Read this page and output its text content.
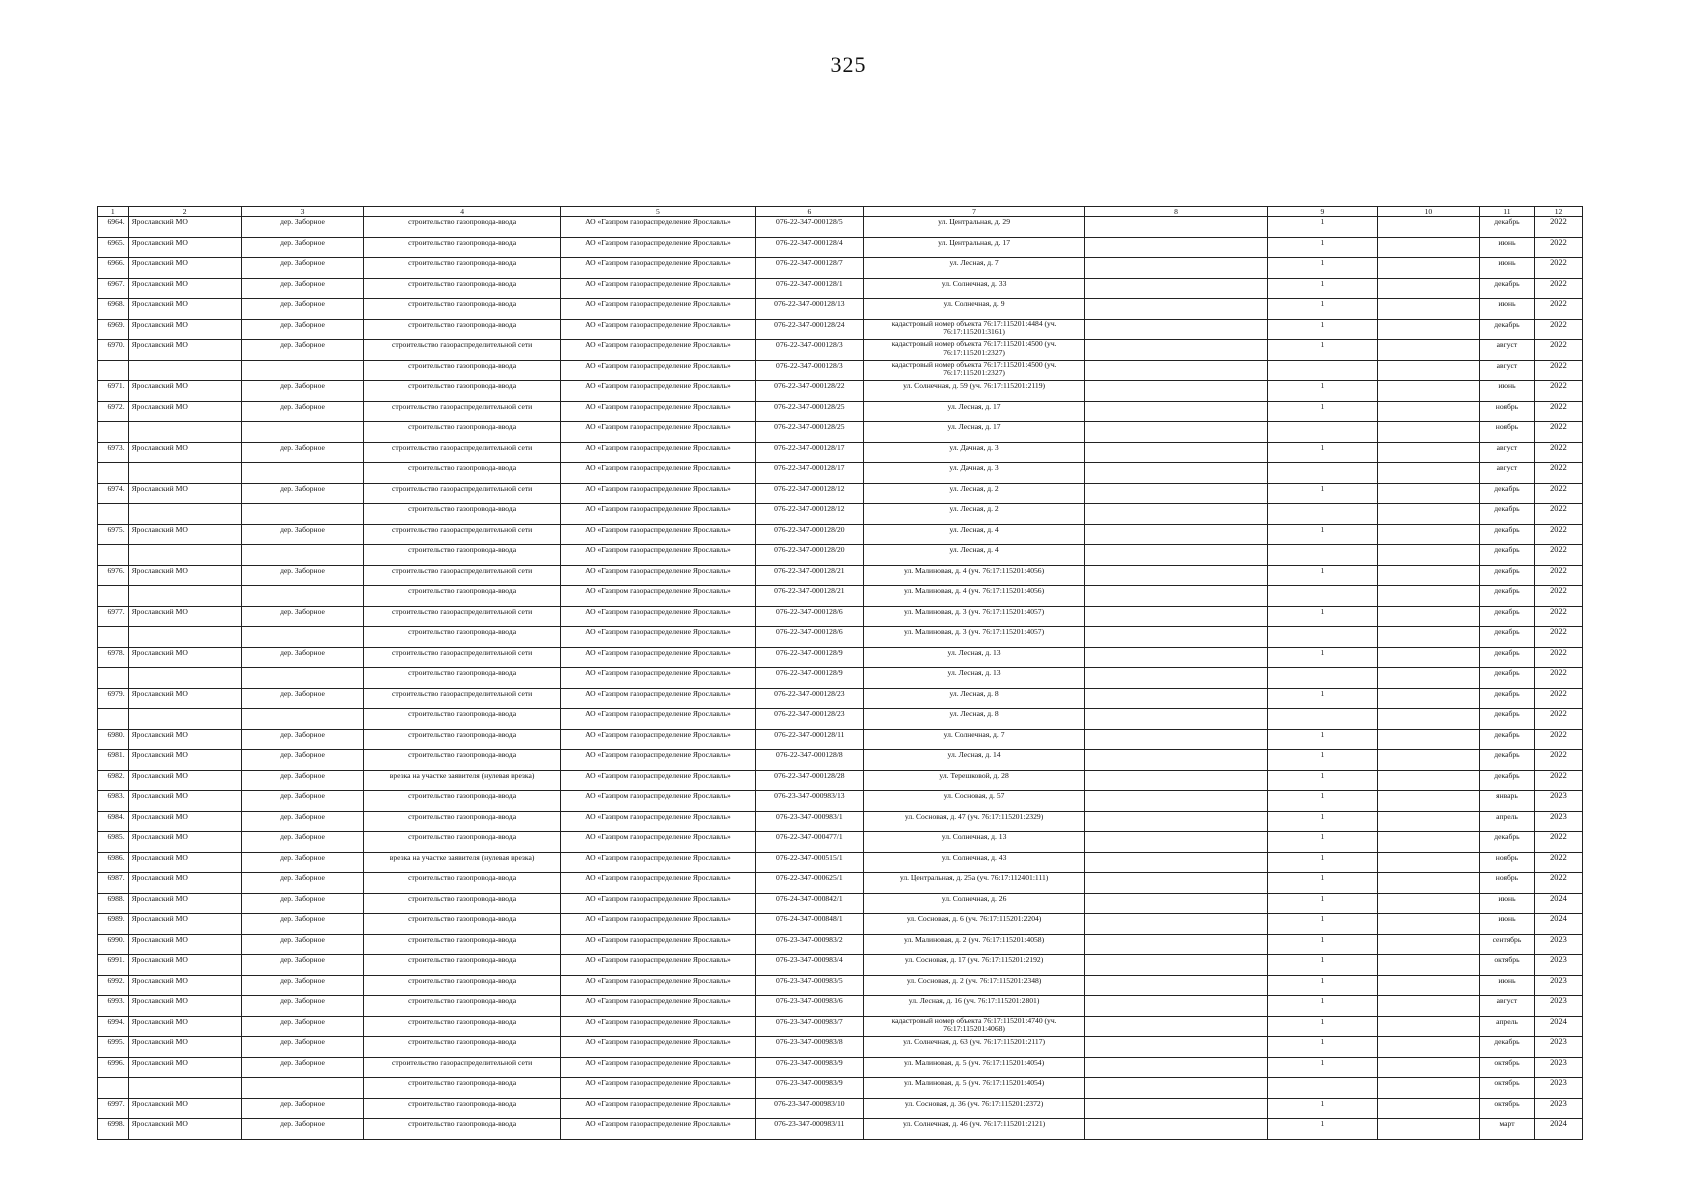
325
1	2	3	4	5	6	7	8	9	10	11	12
6964.	Ярославский МО	дер. Заборное	строительство газопровода-ввода	АО «Газпром газораспределение Ярославль»	076-22-347-000128/5	ул. Центральная, д. 29		1		декабрь	2022
6965.	Ярославский МО	дер. Заборное	строительство газопровода-ввода	АО «Газпром газораспределение Ярославль»	076-22-347-000128/4	ул. Центральная, д. 17		1		июнь	2022
6966.	Ярославский МО	дер. Заборное	строительство газопровода-ввода	АО «Газпром газораспределение Ярославль»	076-22-347-000128/7	ул. Лесная, д. 7		1		июнь	2022
6967.	Ярославский МО	дер. Заборное	строительство газопровода-ввода	АО «Газпром газораспределение Ярославль»	076-22-347-000128/1	ул. Солнечная, д. 33		1		декабрь	2022
6968.	Ярославский МО	дер. Заборное	строительство газопровода-ввода	АО «Газпром газораспределение Ярославль»	076-22-347-000128/13	ул. Солнечная, д. 9		1		июнь	2022
6969.	Ярославский МО	дер. Заборное	строительство газопровода-ввода	АО «Газпром газораспределение Ярославль»	076-22-347-000128/24	кадастровый номер объекта 76:17:115201:4484 (уч. 76:17:115201:3161)		1		декабрь	2022
6970.	Ярославский МО	дер. Заборное	строительство газораспределительной сети	АО «Газпром газораспределение Ярославль»	076-22-347-000128/3	кадастровый номер объекта 76:17:115201:4500 (уч. 76:17:115201:2327)		1		август	2022
			строительство газопровода-ввода	АО «Газпром газораспределение Ярославль»	076-22-347-000128/3	кадастровый номер объекта 76:17:115201:4500 (уч. 76:17:115201:2327)				август	2022
6971.	Ярославский МО	дер. Заборное	строительство газопровода-ввода	АО «Газпром газораспределение Ярославль»	076-22-347-000128/22	ул. Солнечная, д. 59 (уч. 76:17:115201:2119)		1		июнь	2022
6972.	Ярославский МО	дер. Заборное	строительство газораспределительной сети	АО «Газпром газораспределение Ярославль»	076-22-347-000128/25	ул. Лесная, д. 17		1		ноябрь	2022
			строительство газопровода-ввода	АО «Газпром газораспределение Ярославль»	076-22-347-000128/25	ул. Лесная, д. 17				ноябрь	2022
6973.	Ярославский МО	дер. Заборное	строительство газораспределительной сети	АО «Газпром газораспределение Ярославль»	076-22-347-000128/17	ул. Дачная, д. 3		1		август	2022
			строительство газопровода-ввода	АО «Газпром газораспределение Ярославль»	076-22-347-000128/17	ул. Дачная, д. 3				август	2022
6974.	Ярославский МО	дер. Заборное	строительство газораспределительной сети	АО «Газпром газораспределение Ярославль»	076-22-347-000128/12	ул. Лесная, д. 2		1		декабрь	2022
			строительство газопровода-ввода	АО «Газпром газораспределение Ярославль»	076-22-347-000128/12	ул. Лесная, д. 2				декабрь	2022
6975.	Ярославский МО	дер. Заборное	строительство газораспределительной сети	АО «Газпром газораспределение Ярославль»	076-22-347-000128/20	ул. Лесная, д. 4		1		декабрь	2022
			строительство газопровода-ввода	АО «Газпром газораспределение Ярославль»	076-22-347-000128/20	ул. Лесная, д. 4				декабрь	2022
6976.	Ярославский МО	дер. Заборное	строительство газораспределительной сети	АО «Газпром газораспределение Ярославль»	076-22-347-000128/21	ул. Малиновая, д. 4 (уч. 76:17:115201:4056)		1		декабрь	2022
			строительство газопровода-ввода	АО «Газпром газораспределение Ярославль»	076-22-347-000128/21	ул. Малиновая, д. 4 (уч. 76:17:115201:4056)				декабрь	2022
6977.	Ярославский МО	дер. Заборное	строительство газораспределительной сети	АО «Газпром газораспределение Ярославль»	076-22-347-000128/6	ул. Малиновая, д. 3 (уч. 76:17:115201:4057)		1		декабрь	2022
			строительство газопровода-ввода	АО «Газпром газораспределение Ярославль»	076-22-347-000128/6	ул. Малиновая, д. 3 (уч. 76:17:115201:4057)				декабрь	2022
6978.	Ярославский МО	дер. Заборное	строительство газораспределительной сети	АО «Газпром газораспределение Ярославль»	076-22-347-000128/9	ул. Лесная, д. 13		1		декабрь	2022
			строительство газопровода-ввода	АО «Газпром газораспределение Ярославль»	076-22-347-000128/9	ул. Лесная, д. 13				декабрь	2022
6979.	Ярославский МО	дер. Заборное	строительство газораспределительной сети	АО «Газпром газораспределение Ярославль»	076-22-347-000128/23	ул. Лесная, д. 8		1		декабрь	2022
			строительство газопровода-ввода	АО «Газпром газораспределение Ярославль»	076-22-347-000128/23	ул. Лесная, д. 8				декабрь	2022
6980.	Ярославский МО	дер. Заборное	строительство газопровода-ввода	АО «Газпром газораспределение Ярославль»	076-22-347-000128/11	ул. Солнечная, д. 7		1		декабрь	2022
6981.	Ярославский МО	дер. Заборное	строительство газопровода-ввода	АО «Газпром газораспределение Ярославль»	076-22-347-000128/8	ул. Лесная, д. 14		1		декабрь	2022
6982.	Ярославский МО	дер. Заборное	врезка на участке заявителя (нулевая врезка)	АО «Газпром газораспределение Ярославль»	076-22-347-000128/28	ул. Терешковой, д. 28		1		декабрь	2022
6983.	Ярославский МО	дер. Заборное	строительство газопровода-ввода	АО «Газпром газораспределение Ярославль»	076-23-347-000983/13	ул. Сосновая, д. 57		1		январь	2023
6984.	Ярославский МО	дер. Заборное	строительство газопровода-ввода	АО «Газпром газораспределение Ярославль»	076-23-347-000983/1	ул. Сосновая, д. 47 (уч. 76:17:115201:2329)		1		апрель	2023
6985.	Ярославский МО	дер. Заборное	строительство газопровода-ввода	АО «Газпром газораспределение Ярославль»	076-22-347-000477/1	ул. Солнечная, д. 13		1		декабрь	2022
6986.	Ярославский МО	дер. Заборное	врезка на участке заявителя (нулевая врезка)	АО «Газпром газораспределение Ярославль»	076-22-347-000515/1	ул. Солнечная, д. 43		1		ноябрь	2022
6987.	Ярославский МО	дер. Заборное	строительство газопровода-ввода	АО «Газпром газораспределение Ярославль»	076-22-347-000625/1	ул. Центральная, д. 25а (уч. 76:17:112401:111)		1		ноябрь	2022
6988.	Ярославский МО	дер. Заборное	строительство газопровода-ввода	АО «Газпром газораспределение Ярославль»	076-24-347-000842/1	ул. Солнечная, д. 26		1		июнь	2024
6989.	Ярославский МО	дер. Заборное	строительство газопровода-ввода	АО «Газпром газораспределение Ярославль»	076-24-347-000848/1	ул. Сосновая, д. 6 (уч. 76:17:115201:2204)		1		июнь	2024
6990.	Ярославский МО	дер. Заборное	строительство газопровода-ввода	АО «Газпром газораспределение Ярославль»	076-23-347-000983/2	ул. Малиновая, д. 2 (уч. 76:17:115201:4058)		1		сентябрь	2023
6991.	Ярославский МО	дер. Заборное	строительство газопровода-ввода	АО «Газпром газораспределение Ярославль»	076-23-347-000983/4	ул. Сосновая, д. 17 (уч. 76:17:115201:2192)		1		октябрь	2023
6992.	Ярославский МО	дер. Заборное	строительство газопровода-ввода	АО «Газпром газораспределение Ярославль»	076-23-347-000983/5	ул. Сосновая, д. 2 (уч. 76:17:115201:2348)		1		июнь	2023
6993.	Ярославский МО	дер. Заборное	строительство газопровода-ввода	АО «Газпром газораспределение Ярославль»	076-23-347-000983/6	ул. Лесная, д. 16 (уч. 76:17:115201:2801)		1		август	2023
6994.	Ярославский МО	дер. Заборное	строительство газопровода-ввода	АО «Газпром газораспределение Ярославль»	076-23-347-000983/7	кадастровый номер объекта 76:17:115201:4740 (уч. 76:17:115201:4068)		1		апрель	2024
6995.	Ярославский МО	дер. Заборное	строительство газопровода-ввода	АО «Газпром газораспределение Ярославль»	076-23-347-000983/8	ул. Солнечная, д. 63 (уч. 76:17:115201:2117)		1		декабрь	2023
6996.	Ярославский МО	дер. Заборное	строительство газораспределительной сети	АО «Газпром газораспределение Ярославль»	076-23-347-000983/9	ул. Малиновая, д. 5 (уч. 76:17:115201:4054)		1		октябрь	2023
			строительство газопровода-ввода	АО «Газпром газораспределение Ярославль»	076-23-347-000983/9	ул. Малиновая, д. 5 (уч. 76:17:115201:4054)				октябрь	2023
6997.	Ярославский МО	дер. Заборное	строительство газопровода-ввода	АО «Газпром газораспределение Ярославль»	076-23-347-000983/10	ул. Сосновая, д. 36 (уч. 76:17:115201:2372)		1		октябрь	2023
6998.	Ярославский МО	дер. Заборное	строительство газопровода-ввода	АО «Газпром газораспределение Ярославль»	076-23-347-000983/11	ул. Солнечная, д. 46 (уч. 76:17:115201:2121)		1		март	2024
